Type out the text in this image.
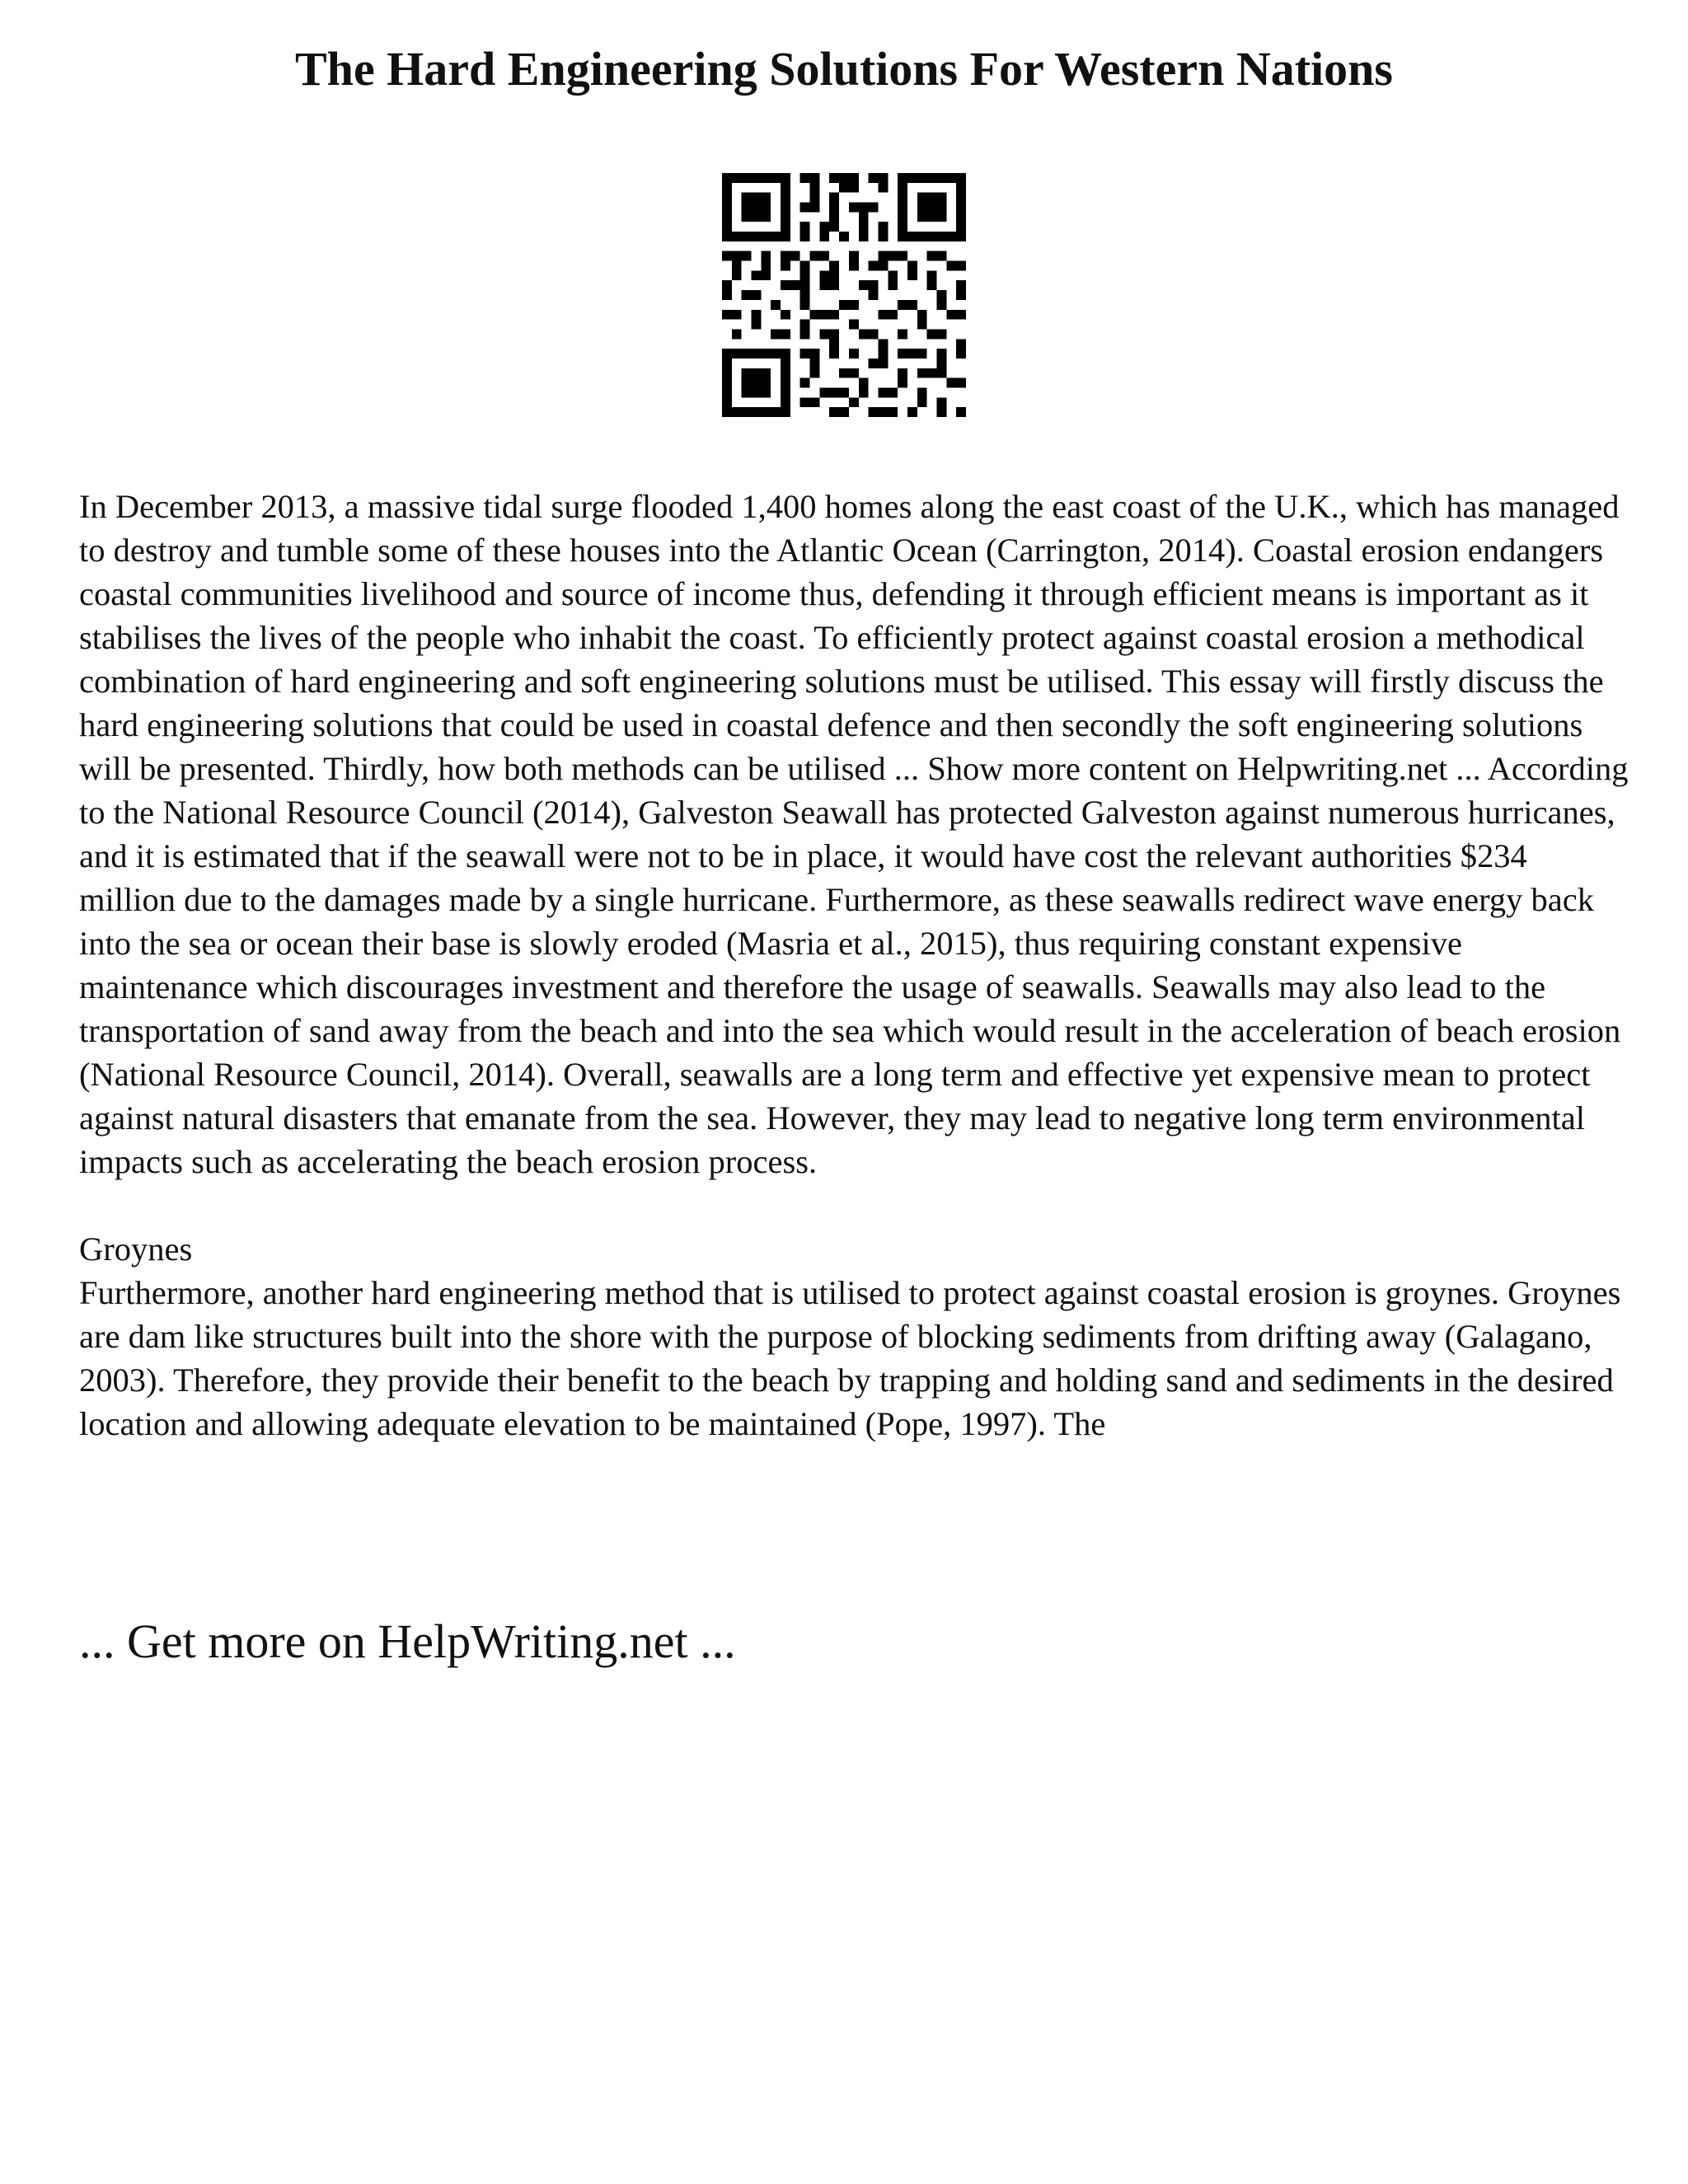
The Hard Engineering Solutions For Western Nations

In December 2013, a massive tidal surge flooded 1,400 homes along the east coast of the U.K., which has managed to destroy and tumble some of these houses into the Atlantic Ocean (Carrington, 2014). Coastal erosion endangers coastal communities livelihood and source of income thus, defending it through efficient means is important as it stabilises the lives of the people who inhabit the coast. To efficiently protect against coastal erosion a methodical combination of hard engineering and soft engineering solutions must be utilised. This essay will firstly discuss the hard engineering solutions that could be used in coastal defence and then secondly the soft engineering solutions will be presented. Thirdly, how both methods can be utilised ... Show more content on Helpwriting.net ... According to the National Resource Council (2014), Galveston Seawall has protected Galveston against numerous hurricanes, and it is estimated that if the seawall were not to be in place, it would have cost the relevant authorities $234 million due to the damages made by a single hurricane. Furthermore, as these seawalls redirect wave energy back into the sea or ocean their base is slowly eroded (Masria et al., 2015), thus requiring constant expensive maintenance which discourages investment and therefore the usage of seawalls. Seawalls may also lead to the transportation of sand away from the beach and into the sea which would result in the acceleration of beach erosion (National Resource Council, 2014). Overall, seawalls are a long term and effective yet expensive mean to protect against natural disasters that emanate from the sea. However, they may lead to negative long term environmental impacts such as accelerating the beach erosion process.

Groynes

Furthermore, another hard engineering method that is utilised to protect against coastal erosion is groynes. Groynes are dam like structures built into the shore with the purpose of blocking sediments from drifting away (Galagano, 2003). Therefore, they provide their benefit to the beach by trapping and holding sand and sediments in the desired location and allowing adequate elevation to be maintained (Pope, 1997). The

... Get more on HelpWriting.net ...
